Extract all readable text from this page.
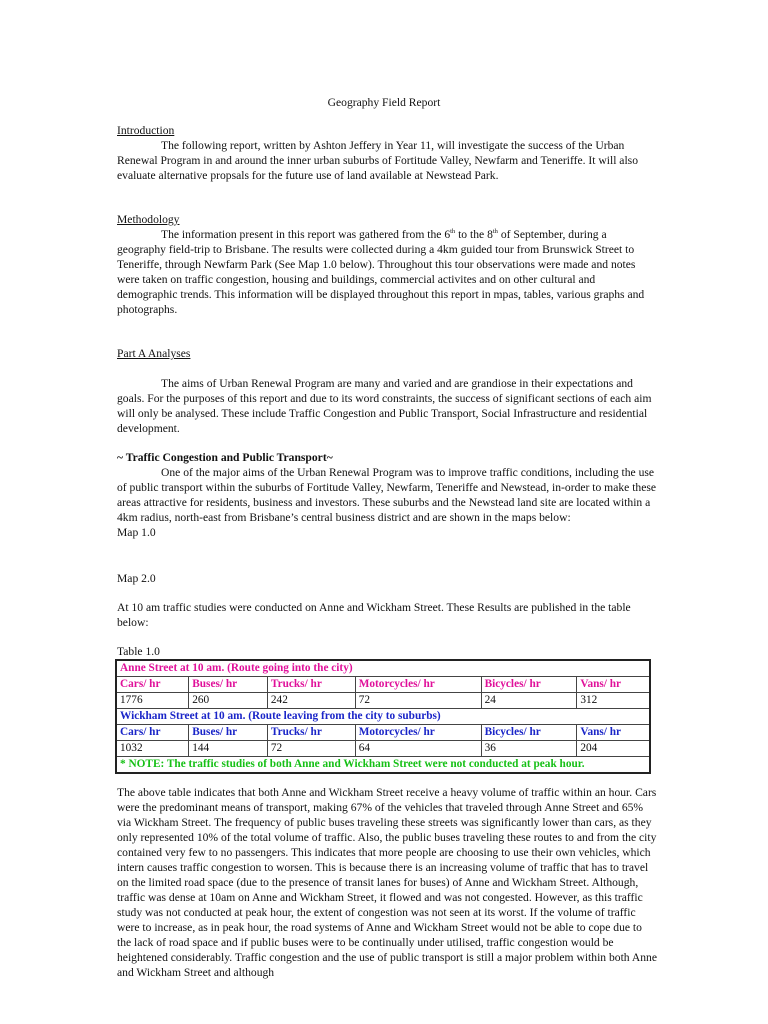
Geography Field Report
Introduction

The following report, written by Ashton Jeffery in Year 11, will investigate the success of the Urban Renewal Program in and around the inner urban suburbs of Fortitude Valley, Newfarm and Teneriffe. It will also evaluate alternative propsals for the future use of land available at Newstead Park.

Methodology

The information present in this report was gathered from the 6th to the 8th of September, during a geography field-trip to Brisbane. The results were collected during a 4km guided tour from Brunswick Street to Teneriffe, through Newfarm Park (See Map 1.0 below). Throughout this tour observations were made and notes were taken on traffic congestion, housing and buildings, commercial activites and on other cultural and demographic trends. This information will be displayed throughout this report in mpas, tables, various graphs and photographs.

Part A Analyses

The aims of Urban Renewal Program are many and varied and are grandiose in their expectations and goals. For the purposes of this report and due to its word constraints, the success of significant sections of each aim will only be analysed. These include Traffic Congestion and Public Transport, Social Infrastructure and residential development.

~ Traffic Congestion and Public Transport~

One of the major aims of the Urban Renewal Program was to improve traffic conditions, including the use of public transport within the suburbs of Fortitude Valley, Newfarm, Teneriffe and Newstead, in-order to make these areas attractive for residents, business and investors. These suburbs and the Newstead land site are located within a 4km radius, north-east from Brisbane’s central business district and are shown in the maps below:

Map 1.0
Map 2.0

At 10 am traffic studies were conducted on Anne and Wickham Street. These Results are published in the table below:

Table 1.0
Anne Street at 10 am. (Route going into the city)					
Cars/ hr	Buses/ hr	Trucks/ hr	Motorcycles/ hr	Bicycles/ hr	Vans/ hr
1776	260	242	72	24	312
Wickham Street at 10 am. (Route leaving from the city to suburbs)					
Cars/ hr	Buses/ hr	Trucks/ hr	Motorcycles/ hr	Bicycles/ hr	Vans/ hr
1032	144	72	64	36	204
* NOTE: The traffic studies of both Anne and Wickham Street were not conducted at peak hour.					

The above table indicates that both Anne and Wickham Street receive a heavy volume of traffic within an hour. Cars were the predominant means of transport, making 67% of the vehicles that traveled through Anne Street and 65% via Wickham Street. The frequency of public buses traveling these streets was significantly lower than cars, as they only represented 10% of the total volume of traffic. Also, the public buses traveling these routes to and from the city contained very few to no passengers. This indicates that more people are choosing to use their own vehicles, which intern causes traffic congestion to worsen. This is because there is an increasing volume of traffic that has to travel on the limited road space (due to the presence of transit lanes for buses) of Anne and Wickham Street. Although, traffic was dense at 10am on Anne and Wickham Street, it flowed and was not congested. However, as this traffic study was not conducted at peak hour, the extent of congestion was not seen at its worst. If the volume of traffic were to increase, as in peak hour, the road systems of Anne and Wickham Street would not be able to cope due to the lack of road space and if public buses were to be continually under utilised, traffic congestion would be heightened considerably. Traffic congestion and the use of public transport is still a major problem within both Anne and Wickham Street and although
